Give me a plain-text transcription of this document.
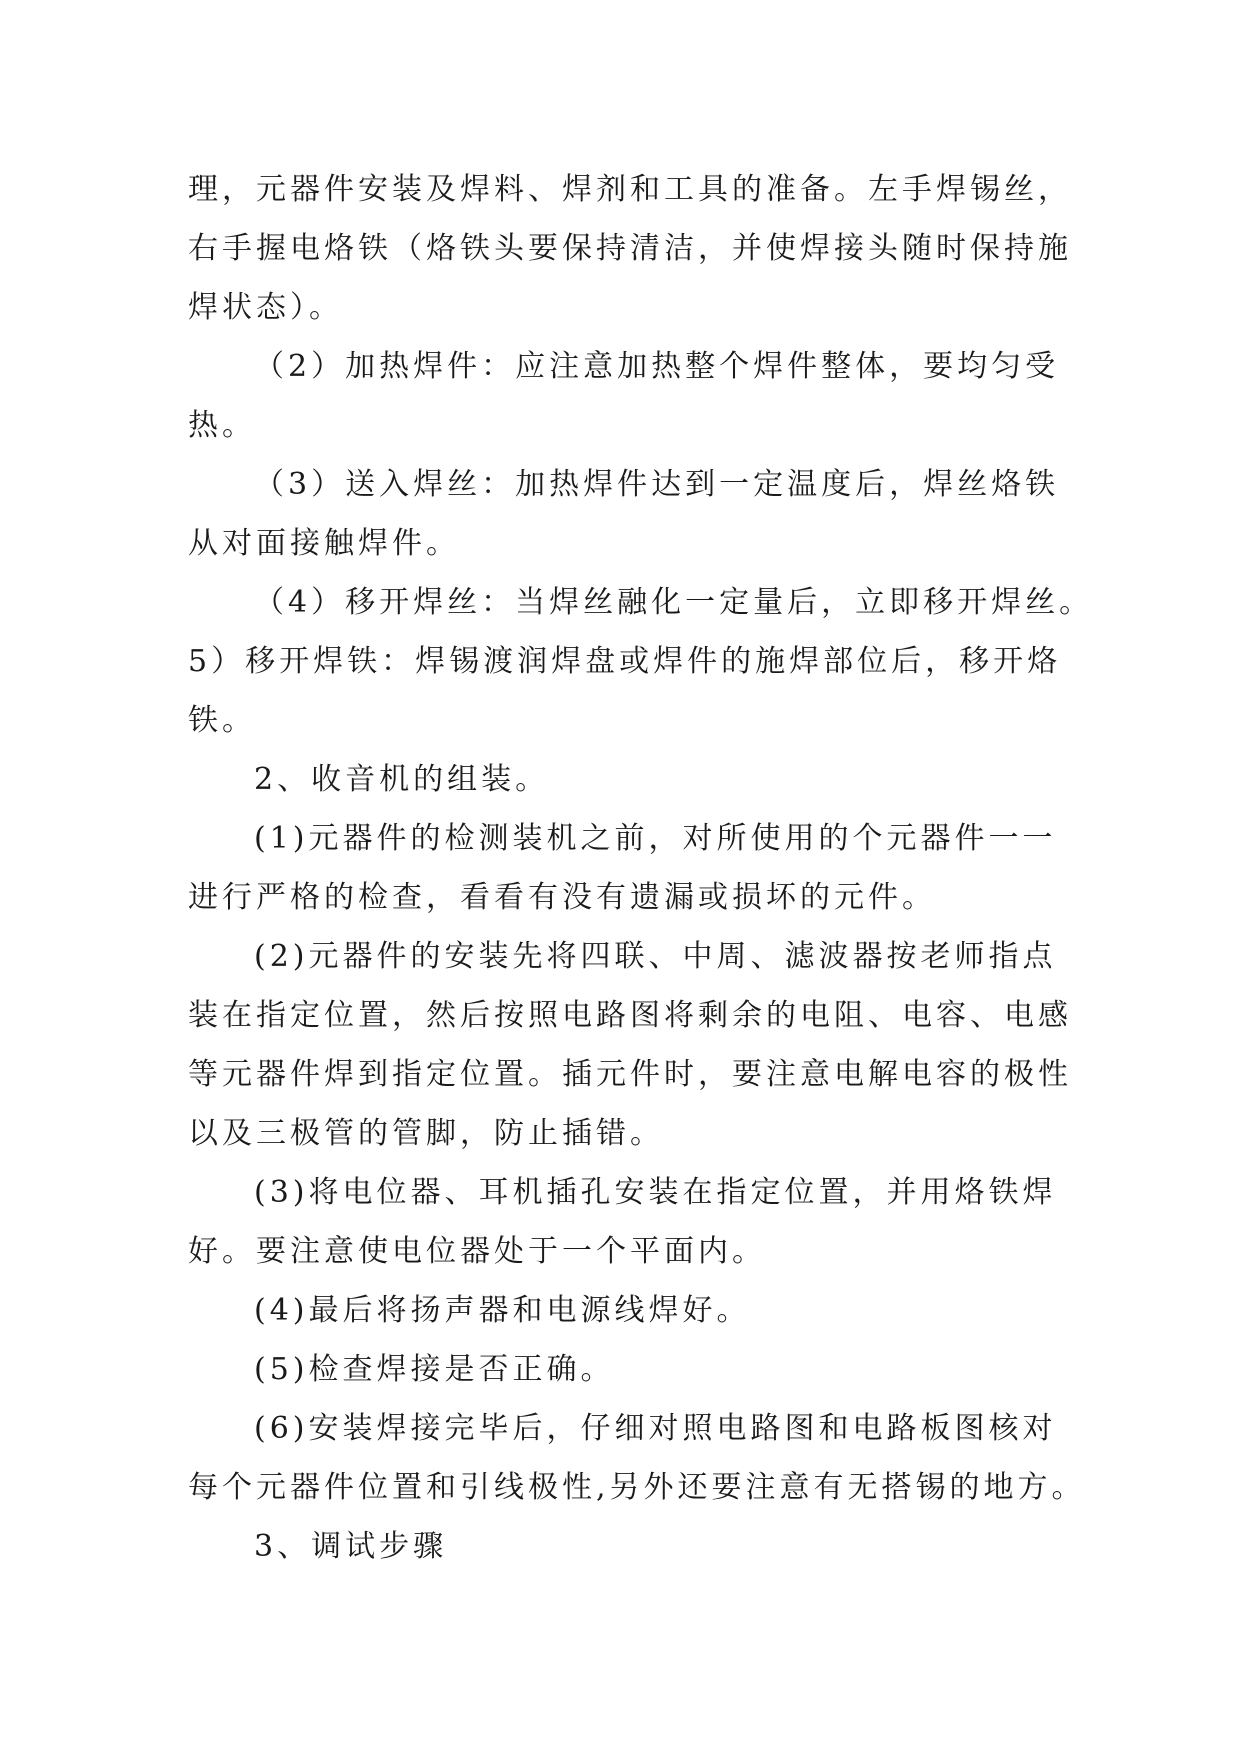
理，元器件安装及焊料、焊剂和工具的准备。左手焊锡丝，
右手握电烙铁（烙铁头要保持清洁，并使焊接头随时保持施
焊状态）。
（2）加热焊件：应注意加热整个焊件整体，要均匀受
热。
（3）送入焊丝：加热焊件达到一定温度后，焊丝烙铁
从对面接触焊件。
（4）移开焊丝：当焊丝融化一定量后，立即移开焊丝。
5）移开焊铁：焊锡渡润焊盘或焊件的施焊部位后，移开烙
铁。
2、收音机的组装。
(1)元器件的检测装机之前，对所使用的个元器件一一
进行严格的检查，看看有没有遗漏或损坏的元件。
(2)元器件的安装先将四联、中周、滤波器按老师指点
装在指定位置，然后按照电路图将剩余的电阻、电容、电感
等元器件焊到指定位置。插元件时，要注意电解电容的极性
以及三极管的管脚，防止插错。
(3)将电位器、耳机插孔安装在指定位置，并用烙铁焊
好。要注意使电位器处于一个平面内。
(4)最后将扬声器和电源线焊好。
(5)检查焊接是否正确。
(6)安装焊接完毕后，仔细对照电路图和电路板图核对
每个元器件位置和引线极性,另外还要注意有无搭锡的地方。
3、调试步骤
